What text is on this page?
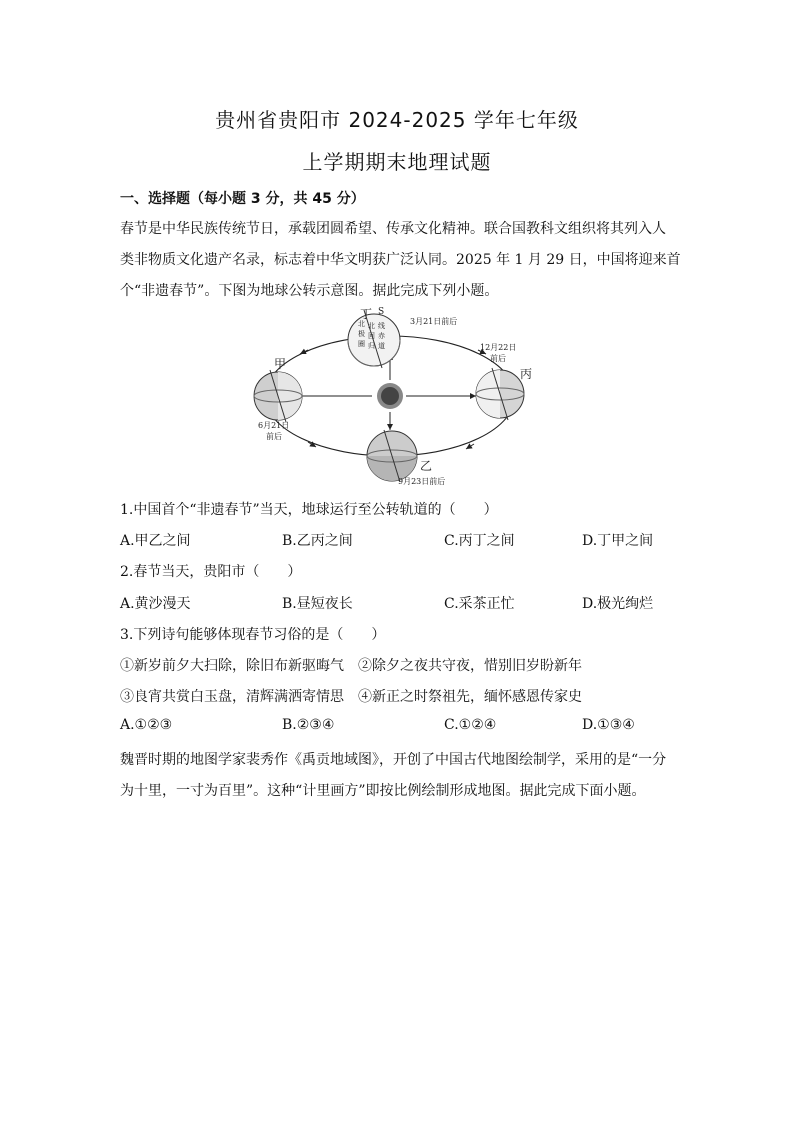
贵州省贵阳市 2024-2025 学年七年级
上学期期末地理试题
一、选择题（每小题 3 分，共 45 分）
春节是中华民族传统节日，承载团圆希望、传承文化精神。联合国教科文组织将其列入人
类非物质文化遗产名录，标志着中华文明获广泛认同。2025 年 1 月 29 日，中国将迎来首
个“非遗春节”。下图为地球公转示意图。据此完成下列小题。
S
北
极
圈
北
回
归
线
赤
道
丁
3月21日前后
甲
6月21日
前后
丙
12月22日
前后
乙
9月23日前后
1.中国首个“非遗春节”当天，地球运行至公转轨道的（　　）
A.甲乙之间	B.乙丙之间	C.丙丁之间	D.丁甲之间
2.春节当天，贵阳市（　　）
A.黄沙漫天	B.昼短夜长	C.采茶正忙	D.极光绚烂
3.下列诗句能够体现春节习俗的是（　　）
①新岁前夕大扫除，除旧布新驱晦气　②除夕之夜共守夜，惜别旧岁盼新年
③良宵共赏白玉盘，清辉满洒寄情思　④新正之时祭祖先，缅怀感恩传家史
A.①②③	B.②③④	C.①②④	D.①③④
魏晋时期的地图学家裴秀作《禹贡地域图》，开创了中国古代地图绘制学，采用的是“一分
为十里，一寸为百里”。这种“计里画方”即按比例绘制形成地图。据此完成下面小题。
